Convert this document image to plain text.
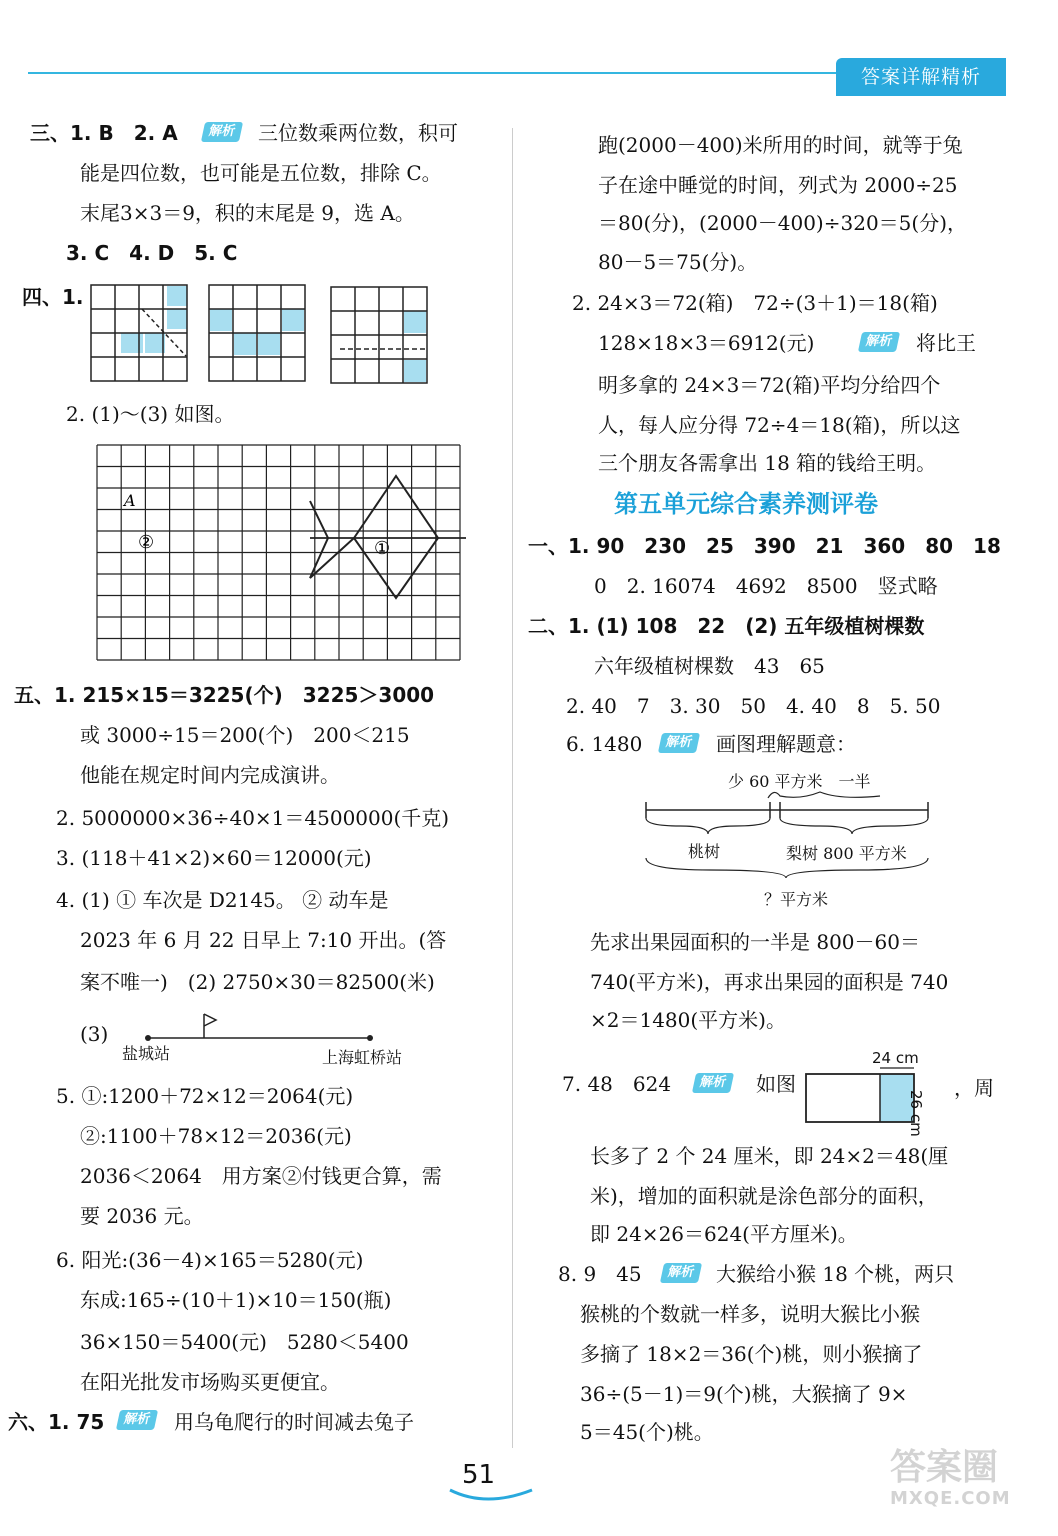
答案详解精析
三、1. B　2. A	解析	三位数乘两位数，积可
能是四位数，也可能是五位数，排除 C。
末尾3×3＝9，积的末尾是 9，选 A。
3. C　4. D　5. C
四、1.
2. (1)～(3) 如图。
A
②	①
五、1. 215×15＝3225(个)　3225＞3000
或 3000÷15＝200(个)　200＜215
他能在规定时间内完成演讲。
2. 5000000×36÷40×1＝4500000(千克)
3. (118＋41×2)×60＝12000(元)
4. (1) ① 车次是 D2145。 ② 动车是
2023 年 6 月 22 日早上 7:10 开出。(答
案不唯一)　(2) 2750×30＝82500(米)
(3)
盐城站	上海虹桥站
5. ①:1200＋72×12＝2064(元)
②:1100＋78×12＝2036(元)
2036＜2064　用方案②付钱更合算，需
要 2036 元。
6. 阳光:(36－4)×165＝5280(元)
东成:165÷(10＋1)×10＝150(瓶)
36×150＝5400(元)　5280＜5400
在阳光批发市场购买更便宜。
六、1. 75	解析	用乌龟爬行的时间减去兔子
跑(2000－400)米所用的时间，就等于兔
子在途中睡觉的时间，列式为 2000÷25
＝80(分)，(2000－400)÷320＝5(分)，
80－5＝75(分)。
2. 24×3＝72(箱)　72÷(3＋1)＝18(箱)
128×18×3＝6912(元)	解析	将比王
明多拿的 24×3＝72(箱)平均分给四个
人，每人应分得 72÷4＝18(箱)，所以这
三个朋友各需拿出 18 箱的钱给王明。
第五单元综合素养测评卷
一、1. 90　230　25　390　21　360　80　18
0　2. 16074　4692　8500　竖式略
二、1. (1) 108　22　(2) 五年级植树棵数
六年级植树棵数　43　65
2. 40　7　3. 30　50　4. 40　8　5. 50
6. 1480	解析	画图理解题意：
少 60 平方米　一半
桃树	梨树 800 平方米
？平方米
先求出果园面积的一半是 800－60＝
740(平方米)，再求出果园的面积是 740
×2＝1480(平方米)。
7. 48　624	解析	如图
24 cm
26 cm
，周
长多了 2 个 24 厘米，即 24×2＝48(厘
米)，增加的面积就是涂色部分的面积，
即 24×26＝624(平方厘米)。
8. 9　45	解析	大猴给小猴 18 个桃，两只
猴桃的个数就一样多，说明大猴比小猴
多摘了 18×2＝36(个)桃，则小猴摘了
36÷(5－1)＝9(个)桃，大猴摘了 9×
5＝45(个)桃。
51	答案圈
MXQE.COM
